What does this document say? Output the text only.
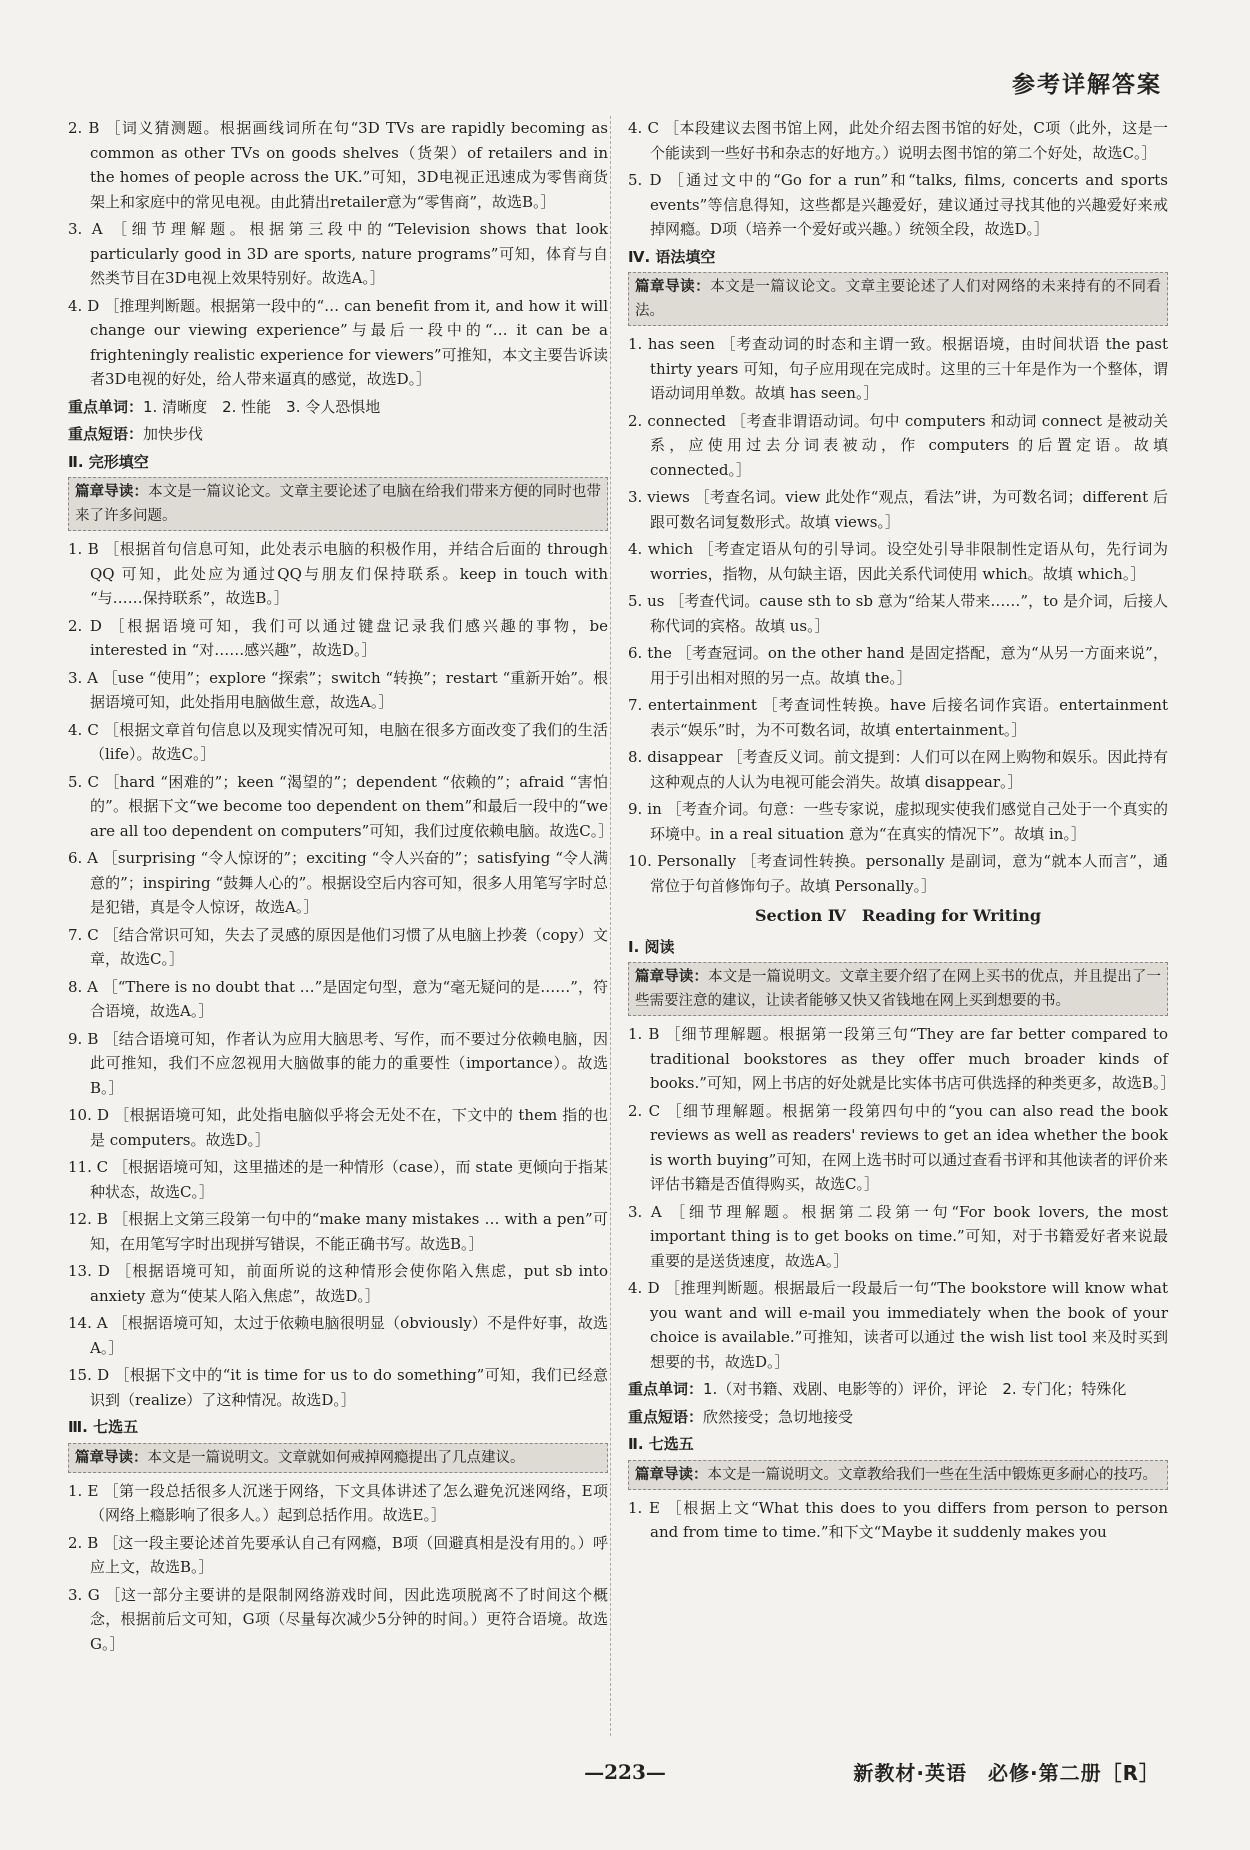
参考详解答案

2. B ［词义猜测题。根据画线词所在句“3D TVs are rapidly becoming as common as other TVs on goods shelves（货架）of retailers and in the homes of people across the UK.”可知，3D电视正迅速成为零售商货架上和家庭中的常见电视。由此猜出retailer意为“零售商”，故选B。］

3. A ［细节理解题。根据第三段中的“Television shows that look particularly good in 3D are sports, nature programs”可知，体育与自然类节目在3D电视上效果特别好。故选A。］

4. D ［推理判断题。根据第一段中的“… can benefit from it, and how it will change our viewing experience”与最后一段中的“… it can be a frighteningly realistic experience for viewers”可推知，本文主要告诉读者3D电视的好处，给人带来逼真的感觉，故选D。］

重点单词：1. 清晰度　2. 性能　3. 令人恐惧地
重点短语：加快步伐
Ⅱ. 完形填空
篇章导读：本文是一篇议论文。文章主要论述了电脑在给我们带来方便的同时也带来了许多问题。

1. B ［根据首句信息可知，此处表示电脑的积极作用，并结合后面的 through QQ 可知，此处应为通过QQ与朋友们保持联系。keep in touch with “与……保持联系”，故选B。］

2. D ［根据语境可知，我们可以通过键盘记录我们感兴趣的事物，be interested in “对……感兴趣”，故选D。］

3. A ［use “使用”；explore “探索”；switch “转换”；restart “重新开始”。根据语境可知，此处指用电脑做生意，故选A。］

4. C ［根据文章首句信息以及现实情况可知，电脑在很多方面改变了我们的生活（life）。故选C。］

5. C ［hard “困难的”；keen “渴望的”；dependent “依赖的”；afraid “害怕的”。根据下文“we become too dependent on them”和最后一段中的“we are all too dependent on computers”可知，我们过度依赖电脑。故选C。］

6. A ［surprising “令人惊讶的”；exciting “令人兴奋的”；satisfying “令人满意的”；inspiring “鼓舞人心的”。根据设空后内容可知，很多人用笔写字时总是犯错，真是令人惊讶，故选A。］

7. C ［结合常识可知，失去了灵感的原因是他们习惯了从电脑上抄袭（copy）文章，故选C。］

8. A ［“There is no doubt that …”是固定句型，意为“毫无疑问的是……”，符合语境，故选A。］

9. B ［结合语境可知，作者认为应用大脑思考、写作，而不要过分依赖电脑，因此可推知，我们不应忽视用大脑做事的能力的重要性（importance）。故选B。］

10. D ［根据语境可知，此处指电脑似乎将会无处不在，下文中的 them 指的也是 computers。故选D。］

11. C ［根据语境可知，这里描述的是一种情形（case），而 state 更倾向于指某种状态，故选C。］

12. B ［根据上文第三段第一句中的“make many mistakes … with a pen”可知，在用笔写字时出现拼写错误，不能正确书写。故选B。］

13. D ［根据语境可知，前面所说的这种情形会使你陷入焦虑，put sb into anxiety 意为“使某人陷入焦虑”，故选D。］

14. A ［根据语境可知，太过于依赖电脑很明显（obviously）不是件好事，故选A。］

15. D ［根据下文中的“it is time for us to do something”可知，我们已经意识到（realize）了这种情况。故选D。］

Ⅲ. 七选五
篇章导读：本文是一篇说明文。文章就如何戒掉网瘾提出了几点建议。

1. E ［第一段总括很多人沉迷于网络，下文具体讲述了怎么避免沉迷网络，E项（网络上瘾影响了很多人。）起到总括作用。故选E。］

2. B ［这一段主要论述首先要承认自己有网瘾，B项（回避真相是没有用的。）呼应上文，故选B。］

3. G ［这一部分主要讲的是限制网络游戏时间，因此选项脱离不了时间这个概念，根据前后文可知，G项（尽量每次减少5分钟的时间。）更符合语境。故选G。］

4. C ［本段建议去图书馆上网，此处介绍去图书馆的好处，C项（此外，这是一个能读到一些好书和杂志的好地方。）说明去图书馆的第二个好处，故选C。］

5. D ［通过文中的“Go for a run”和“talks, films, concerts and sports events”等信息得知，这些都是兴趣爱好，建议通过寻找其他的兴趣爱好来戒掉网瘾。D项（培养一个爱好或兴趣。）统领全段，故选D。］

Ⅳ. 语法填空
篇章导读：本文是一篇议论文。文章主要论述了人们对网络的未来持有的不同看法。

1. has seen ［考查动词的时态和主谓一致。根据语境，由时间状语 the past thirty years 可知，句子应用现在完成时。这里的三十年是作为一个整体，谓语动词用单数。故填 has seen。］

2. connected ［考查非谓语动词。句中 computers 和动词 connect 是被动关系，应使用过去分词表被动，作 computers 的后置定语。故填 connected。］

3. views ［考查名词。view 此处作“观点，看法”讲，为可数名词；different 后跟可数名词复数形式。故填 views。］

4. which ［考查定语从句的引导词。设空处引导非限制性定语从句，先行词为 worries，指物，从句缺主语，因此关系代词使用 which。故填 which。］

5. us ［考查代词。cause sth to sb 意为“给某人带来……”，to 是介词，后接人称代词的宾格。故填 us。］

6. the ［考查冠词。on the other hand 是固定搭配，意为“从另一方面来说”，用于引出相对照的另一点。故填 the。］

7. entertainment ［考查词性转换。have 后接名词作宾语。entertainment 表示“娱乐”时，为不可数名词，故填 entertainment。］

8. disappear ［考查反义词。前文提到：人们可以在网上购物和娱乐。因此持有这种观点的人认为电视可能会消失。故填 disappear。］

9. in ［考查介词。句意：一些专家说，虚拟现实使我们感觉自己处于一个真实的环境中。in a real situation 意为“在真实的情况下”。故填 in。］

10. Personally ［考查词性转换。personally 是副词，意为“就本人而言”，通常位于句首修饰句子。故填 Personally。］

Section Ⅳ　Reading for Writing
Ⅰ. 阅读
篇章导读：本文是一篇说明文。文章主要介绍了在网上买书的优点，并且提出了一些需要注意的建议，让读者能够又快又省钱地在网上买到想要的书。

1. B ［细节理解题。根据第一段第三句“They are far better compared to traditional bookstores as they offer much broader kinds of books.”可知，网上书店的好处就是比实体书店可供选择的种类更多，故选B。］

2. C ［细节理解题。根据第一段第四句中的“you can also read the book reviews as well as readers' reviews to get an idea whether the book is worth buying”可知，在网上选书时可以通过查看书评和其他读者的评价来评估书籍是否值得购买，故选C。］

3. A ［细节理解题。根据第二段第一句“For book lovers, the most important thing is to get books on time.”可知，对于书籍爱好者来说最重要的是送货速度，故选A。］

4. D ［推理判断题。根据最后一段最后一句“The bookstore will know what you want and will e-mail you immediately when the book of your choice is available.”可推知，读者可以通过 the wish list tool 来及时买到想要的书，故选D。］

重点单词：1.（对书籍、戏剧、电影等的）评价，评论　2. 专门化；特殊化
重点短语：欣然接受；急切地接受
Ⅱ. 七选五
篇章导读：本文是一篇说明文。文章教给我们一些在生活中锻炼更多耐心的技巧。

1. E ［根据上文“What this does to you differs from person to person and from time to time.”和下文“Maybe it suddenly makes you

—223—	新教材·英语　必修·第二册［R］
